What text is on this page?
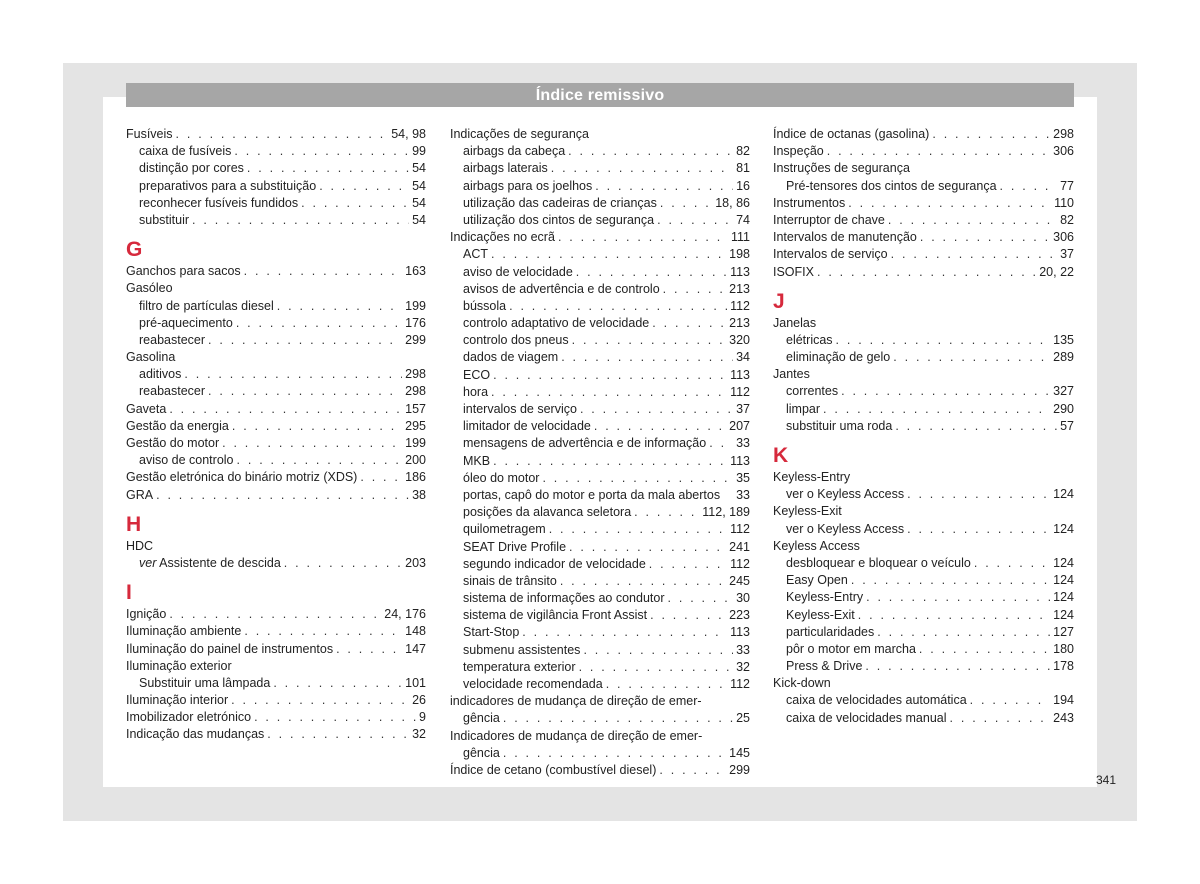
Índice remissivo
Fusíveis . . .	54, 98
caixa de fusíveis . . .	99
distinção por cores . . .	54
preparativos para a substituição . . .	54
reconhecer fusíveis fundidos . . .	54
substituir . . .	54
G
Ganchos para sacos . . .	163
Gasóleo
filtro de partículas diesel . . .	199
pré-aquecimento . . .	176
reabastecer . . .	299
Gasolina
aditivos . . .	298
reabastecer . . .	298
Gaveta . . .	157
Gestão da energia . . .	295
Gestão do motor . . .	199
aviso de controlo . . .	200
Gestão eletrónica do binário motriz (XDS) . . .	186
GRA . . .	38
H
HDC
ver Assistente de descida . . .	203
I
Ignição . . .	24, 176
Iluminação ambiente . . .	148
Iluminação do painel de instrumentos . . .	147
Iluminação exterior
Substituir uma lâmpada . . .	101
Iluminação interior . . .	26
Imobilizador eletrónico . . .	9
Indicação das mudanças . . .	32
Indicações de segurança
airbags da cabeça . . .	82
airbags laterais . . .	81
airbags para os joelhos . . .	16
utilização das cadeiras de crianças . . .	18, 86
utilização dos cintos de segurança . . .	74
Indicações no ecrã . . .	111
ACT . . .	198
aviso de velocidade . . .	113
avisos de advertência e de controlo . . .	213
bússola . . .	112
controlo adaptativo de velocidade . . .	213
controlo dos pneus . . .	320
dados de viagem . . .	34
ECO . . .	113
hora . . .	112
intervalos de serviço . . .	37
limitador de velocidade . . .	207
mensagens de advertência e de informação . . . 33
MKB . . .	113
óleo do motor . . .	35
portas, capô do motor e porta da mala abertos 33
posições da alavanca seletora . . .	112, 189
quilometragem . . .	112
SEAT Drive Profile . . .	241
segundo indicador de velocidade . . .	112
sinais de trânsito . . .	245
sistema de informações ao condutor . . .	30
sistema de vigilância Front Assist . . .	223
Start-Stop . . .	113
submenu assistentes . . .	33
temperatura exterior . . .	32
velocidade recomendada . . .	112
indicadores de mudança de direção de emer-
gência . . .	25
Indicadores de mudança de direção de emer-
gência . . .	145
Índice de cetano (combustível diesel) . . .	299
Índice de octanas (gasolina) . . .	298
Inspeção . . .	306
Instruções de segurança
Pré-tensores dos cintos de segurança . . .	77
Instrumentos . . .	110
Interruptor de chave . . .	82
Intervalos de manutenção . . .	306
Intervalos de serviço . . .	37
ISOFIX . . .	20, 22
J
Janelas
elétricas . . .	135
eliminação de gelo . . .	289
Jantes
correntes . . .	327
limpar . . .	290
substituir uma roda . . .	57
K
Keyless-Entry
ver o Keyless Access . . .	124
Keyless-Exit
ver o Keyless Access . . .	124
Keyless Access
desbloquear e bloquear o veículo . . .	124
Easy Open . . .	124
Keyless-Entry . . .	124
Keyless-Exit . . .	124
particularidades . . .	127
pôr o motor em marcha . . .	180
Press & Drive . . .	178
Kick-down
caixa de velocidades automática . . .	194
caixa de velocidades manual . . .	243
341
